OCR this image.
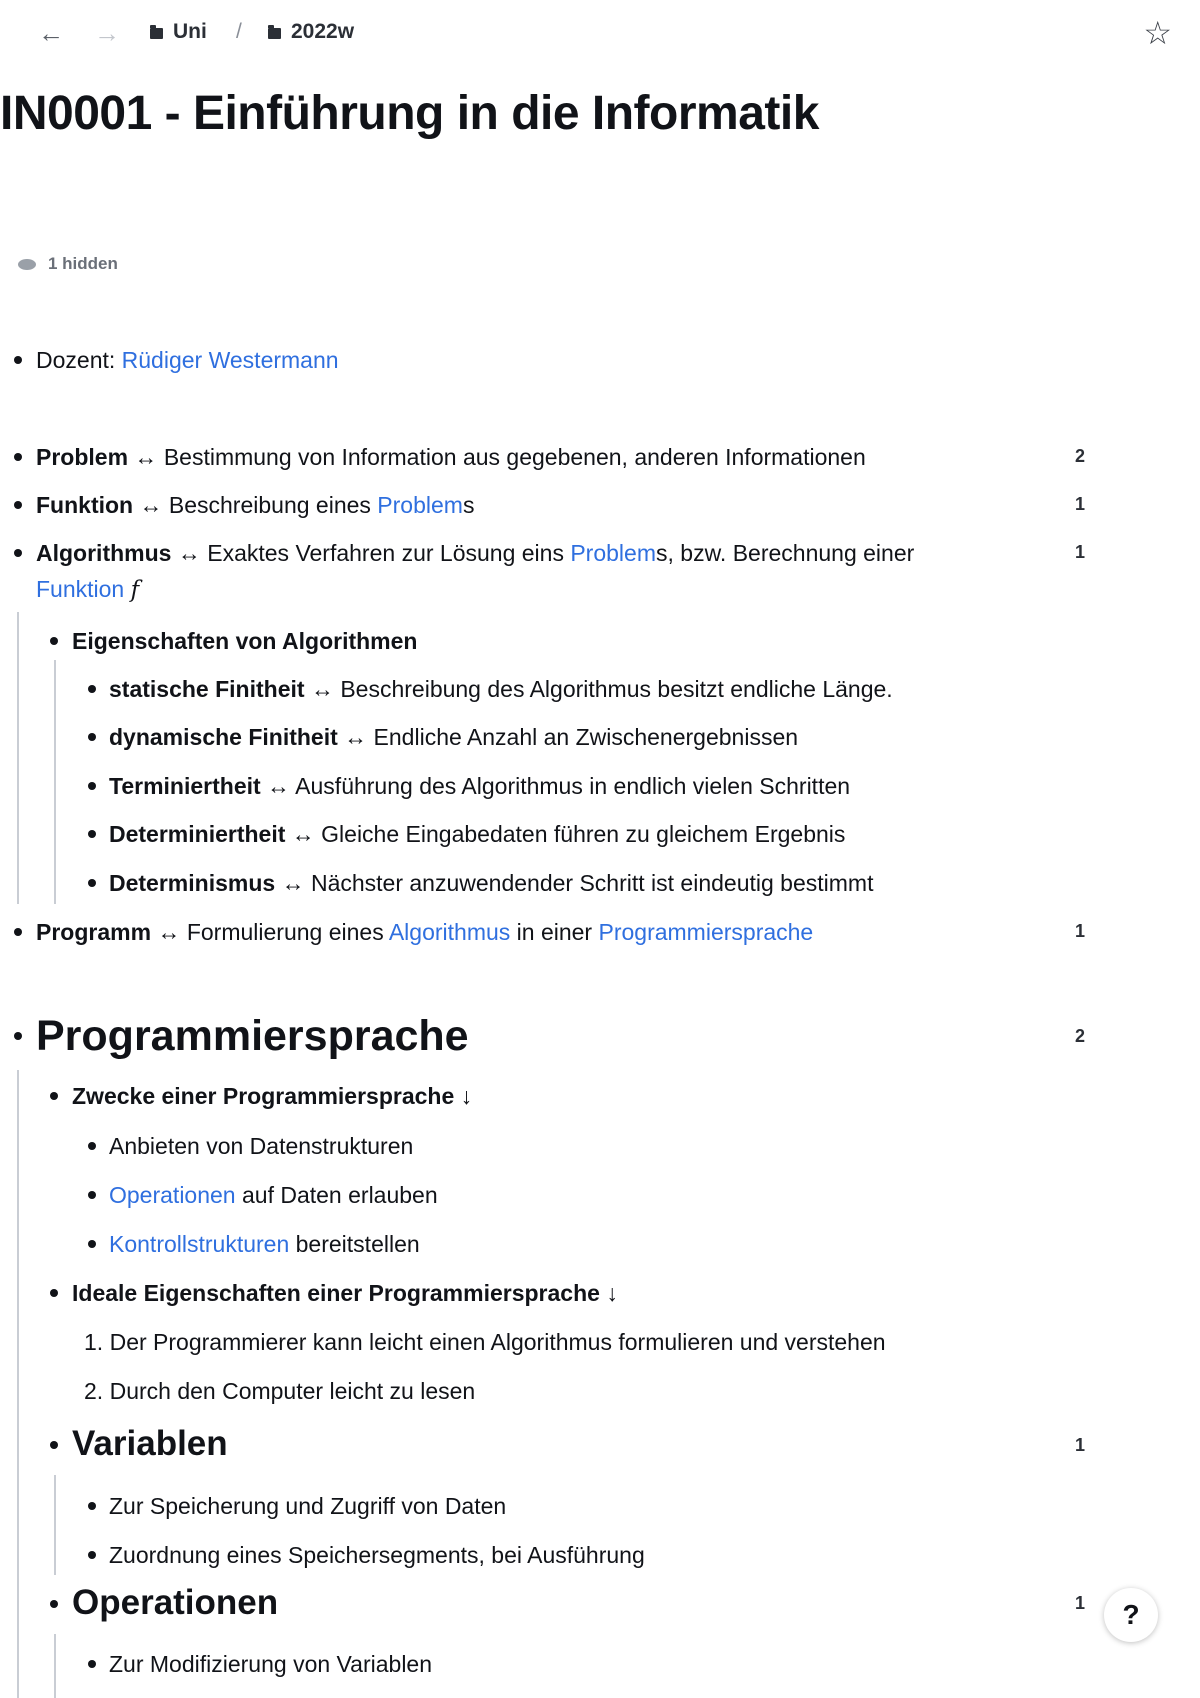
← →	Uni / 2022w	☆
IN0001 - Einführung in die Informatik
1 hidden
Dozent: Rüdiger Westermann
Problem ↔ Bestimmung von Information aus gegebenen, anderen Informationen	2
Funktion ↔ Beschreibung eines Problems	1
Algorithmus ↔ Exaktes Verfahren zur Lösung eins Problems, bzw. Berechnung einer
Funktion f
1
Eigenschaften von Algorithmen
statische Finitheit ↔ Beschreibung des Algorithmus besitzt endliche Länge.
dynamische Finitheit ↔ Endliche Anzahl an Zwischenergebnissen
Terminiertheit ↔ Ausführung des Algorithmus in endlich vielen Schritten
Determiniertheit ↔ Gleiche Eingabedaten führen zu gleichem Ergebnis
Determinismus ↔ Nächster anzuwendender Schritt ist eindeutig bestimmt
Programm ↔ Formulierung eines Algorithmus in einer Programmiersprache	1
Programmiersprache	2
Zwecke einer Programmiersprache ↓
Anbieten von Datenstrukturen
Operationen auf Daten erlauben
Kontrollstrukturen bereitstellen
Ideale Eigenschaften einer Programmiersprache ↓
1. Der Programmierer kann leicht einen Algorithmus formulieren und verstehen
2. Durch den Computer leicht zu lesen
Variablen	1
Zur Speicherung und Zugriff von Daten
Zuordnung eines Speichersegments, bei Ausführung
Operationen	1
Zur Modifizierung von Variablen
?
